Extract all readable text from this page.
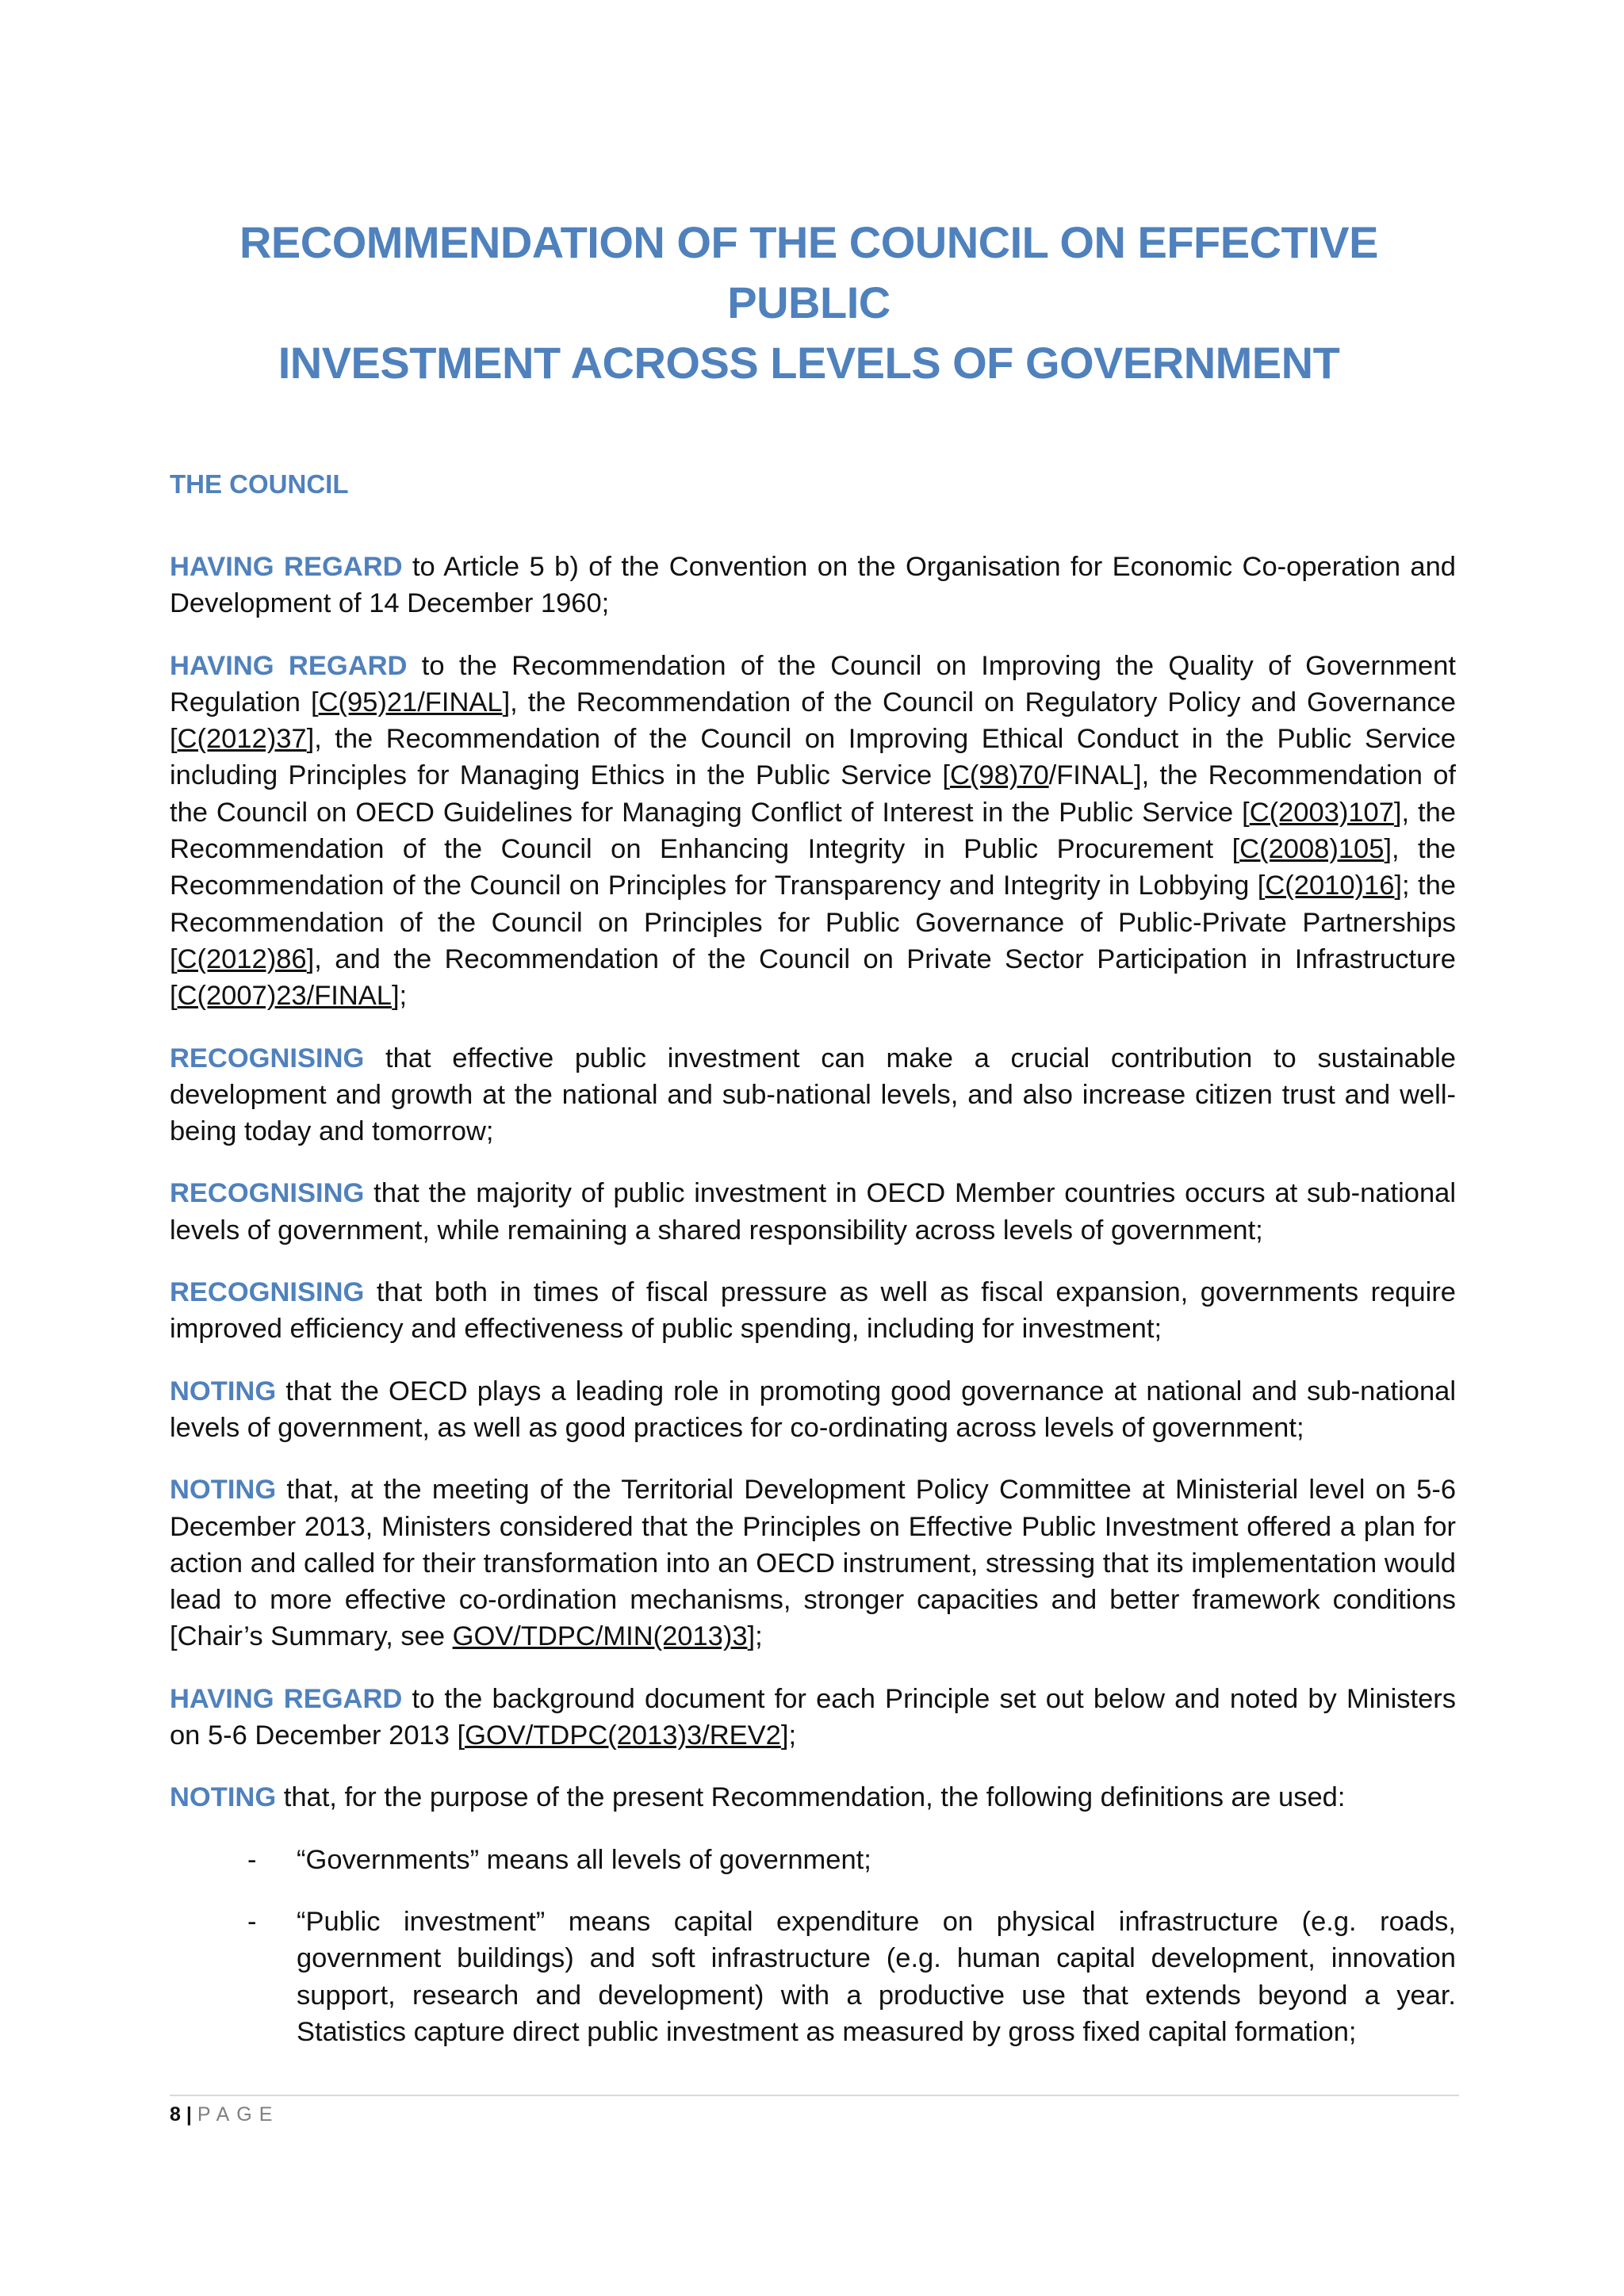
RECOMMENDATION OF THE COUNCIL ON EFFECTIVE PUBLIC
INVESTMENT ACROSS LEVELS OF GOVERNMENT
THE COUNCIL

HAVING REGARD to Article 5 b) of the Convention on the Organisation for Economic Co-operation and Development of 14 December 1960;

HAVING REGARD to the Recommendation of the Council on Improving the Quality of Government Regulation [C(95)21/FINAL], the Recommendation of the Council on Regulatory Policy and Governance [C(2012)37], the Recommendation of the Council on Improving Ethical Conduct in the Public Service including Principles for Managing Ethics in the Public Service [C(98)70/FINAL], the Recommendation of the Council on OECD Guidelines for Managing Conflict of Interest in the Public Service [C(2003)107], the Recommendation of the Council on Enhancing Integrity in Public Procurement [C(2008)105], the Recommendation of the Council on Principles for Transparency and Integrity in Lobbying [C(2010)16]; the Recommendation of the Council on Principles for Public Governance of Public-Private Partnerships [C(2012)86], and the Recommendation of the Council on Private Sector Participation in Infrastructure [C(2007)23/FINAL];

RECOGNISING that effective public investment can make a crucial contribution to sustainable development and growth at the national and sub-national levels, and also increase citizen trust and well-being today and tomorrow;

RECOGNISING that the majority of public investment in OECD Member countries occurs at sub-national levels of government, while remaining a shared responsibility across levels of government;

RECOGNISING that both in times of fiscal pressure as well as fiscal expansion, governments require improved efficiency and effectiveness of public spending, including for investment;

NOTING that the OECD plays a leading role in promoting good governance at national and sub-national levels of government, as well as good practices for co-ordinating across levels of government;

NOTING that, at the meeting of the Territorial Development Policy Committee at Ministerial level on 5-6 December 2013, Ministers considered that the Principles on Effective Public Investment offered a plan for action and called for their transformation into an OECD instrument, stressing that its implementation would lead to more effective co-ordination mechanisms, stronger capacities and better framework conditions [Chair’s Summary, see GOV/TDPC/MIN(2013)3];

HAVING REGARD to the background document for each Principle set out below and noted by Ministers on 5-6 December 2013 [GOV/TDPC(2013)3/REV2];

NOTING that, for the purpose of the present Recommendation, the following definitions are used:

- “Governments” means all levels of government;
- “Public investment” means capital expenditure on physical infrastructure (e.g. roads, government buildings) and soft infrastructure (e.g. human capital development, innovation support, research and development) with a productive use that extends beyond a year. Statistics capture direct public investment as measured by gross fixed capital formation;
8 | PAGE
